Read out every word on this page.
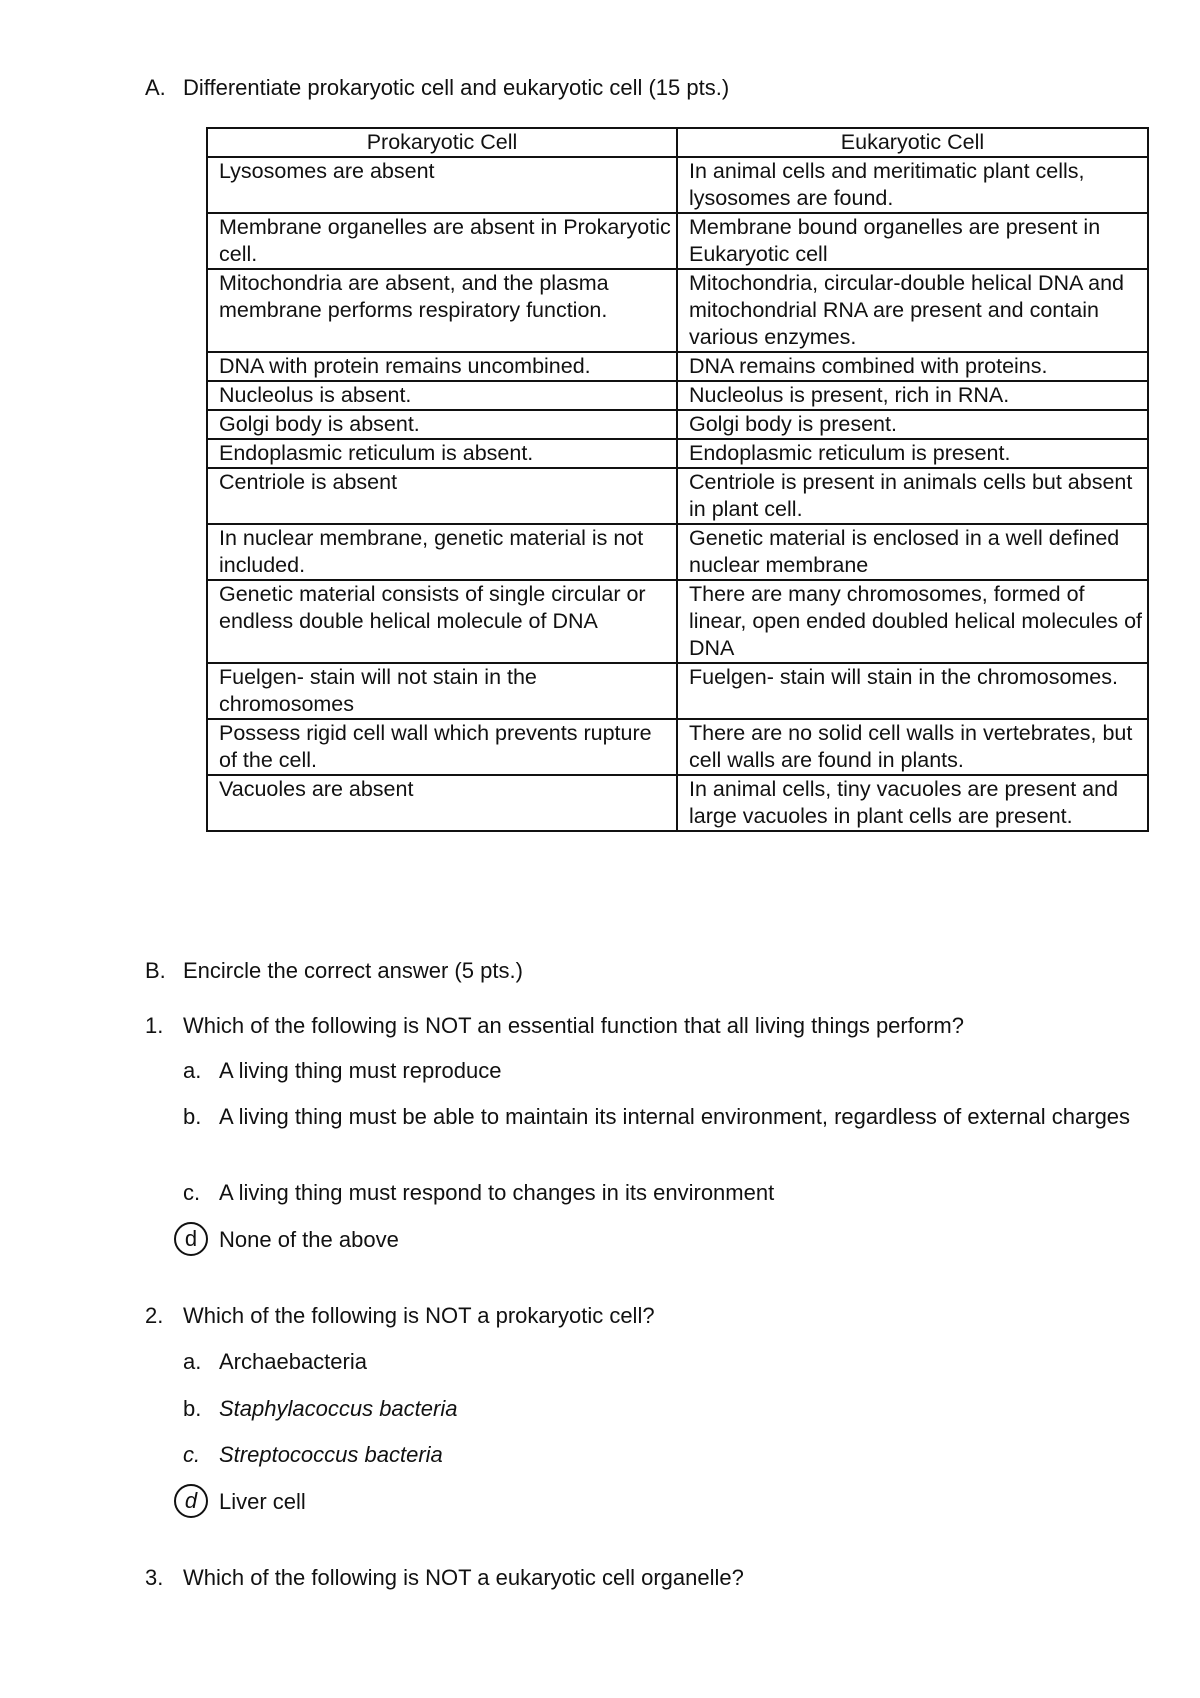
A. Differentiate prokaryotic cell and eukaryotic cell (15 pts.)
Prokaryotic Cell	Eukaryotic Cell
Lysosomes are absent	In animal cells and meritimatic plant cells, lysosomes are found.
Membrane organelles are absent in Prokaryotic cell.	Membrane bound organelles are present in Eukaryotic cell
Mitochondria are absent, and the plasma membrane performs respiratory function.	Mitochondria, circular-double helical DNA and mitochondrial RNA are present and contain various enzymes.
DNA with protein remains uncombined.	DNA remains combined with proteins.
Nucleolus is absent.	Nucleolus is present, rich in RNA.
Golgi body is absent.	Golgi body is present.
Endoplasmic reticulum is absent.	Endoplasmic reticulum is present.
Centriole is absent	Centriole is present in animals cells but absent in plant cell.
In nuclear membrane, genetic material is not included.	Genetic material is enclosed in a well defined nuclear membrane
Genetic material consists of single circular or endless double helical molecule of DNA	There are many chromosomes, formed of linear, open ended doubled helical molecules of DNA
Fuelgen- stain will not stain in the chromosomes	Fuelgen- stain will stain in the chromosomes.
Possess rigid cell wall which prevents rupture of the cell.	There are no solid cell walls in vertebrates, but cell walls are found in plants.
Vacuoles are absent	In animal cells, tiny vacuoles are present and large vacuoles in plant cells are present.
B. Encircle the correct answer (5 pts.)
1. Which of the following is NOT an essential function that all living things perform?
a. A living thing must reproduce
b. A living thing must be able to maintain its internal environment, regardless of external charges
c. A living thing must respond to changes in its environment
d None of the above
2. Which of the following is NOT a prokaryotic cell?
a. Archaebacteria
b. Staphylacoccus bacteria
c. Streptococcus bacteria
d Liver cell
3. Which of the following is NOT a eukaryotic cell organelle?
